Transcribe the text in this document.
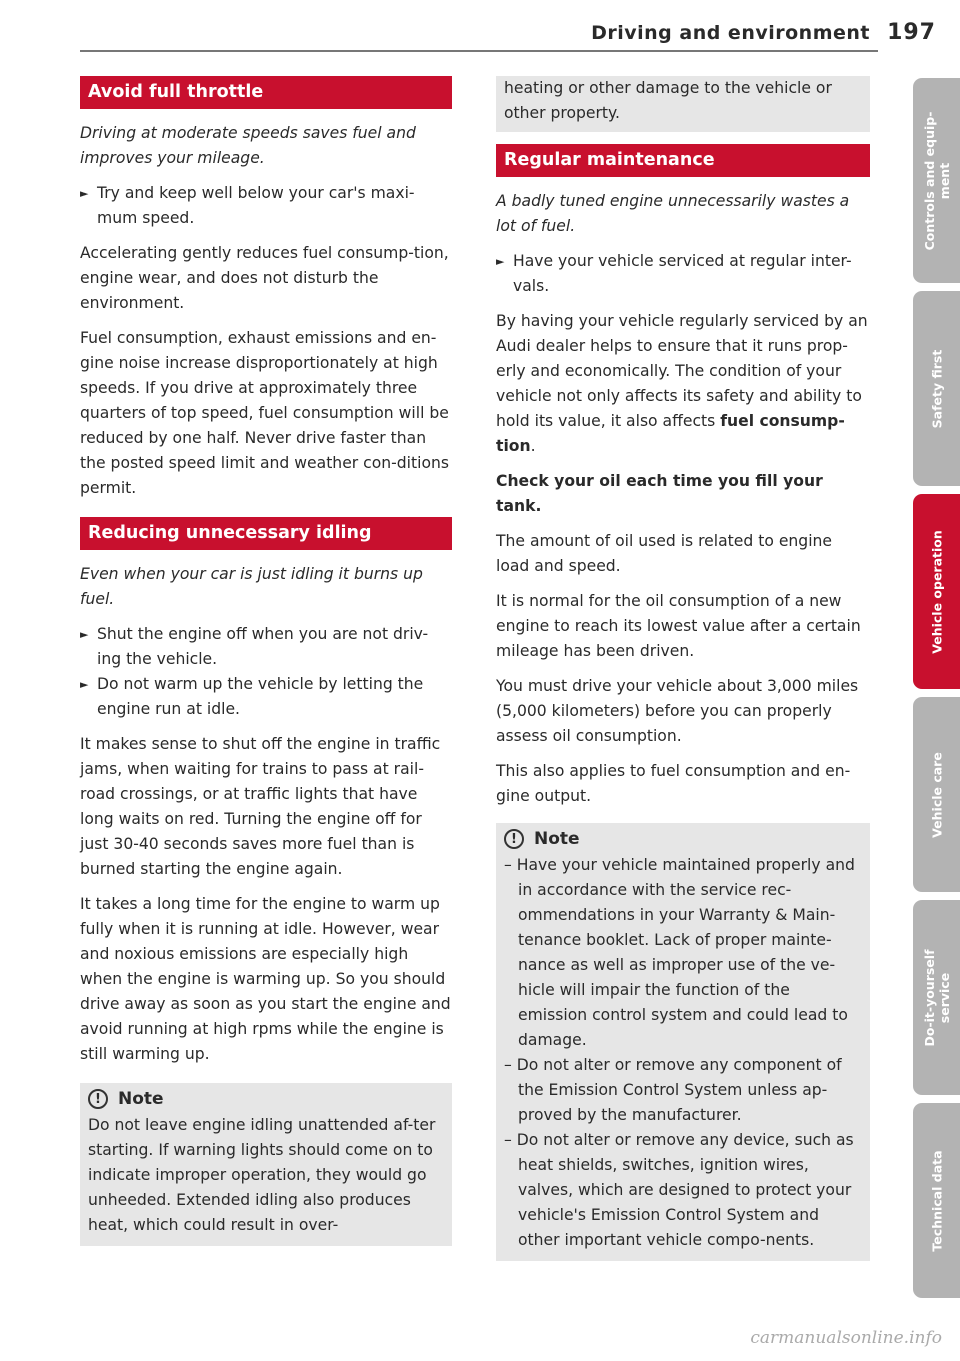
Driving and environment 197
Avoid full throttle

Driving at moderate speeds saves fuel and improves your mileage.

► Try and keep well below your car's maxi-mum speed.

Accelerating gently reduces fuel consump-tion, engine wear, and does not disturb the environment.

Fuel consumption, exhaust emissions and en-gine noise increase disproportionately at high speeds. If you drive at approximately three quarters of top speed, fuel consumption will be reduced by one half. Never drive faster than the posted speed limit and weather con-ditions permit.

Reducing unnecessary idling

Even when your car is just idling it burns up fuel.

► Shut the engine off when you are not driv-ing the vehicle.
► Do not warm up the vehicle by letting the engine run at idle.

It makes sense to shut off the engine in traffic jams, when waiting for trains to pass at rail-road crossings, or at traffic lights that have long waits on red. Turning the engine off for just 30-40 seconds saves more fuel than is burned starting the engine again.

It takes a long time for the engine to warm up fully when it is running at idle. However, wear and noxious emissions are especially high when the engine is warming up. So you should drive away as soon as you start the engine and avoid running at high rpms while the engine is still warming up.

!	Note
Do not leave engine idling unattended af-ter starting. If warning lights should come on to indicate improper operation, they would go unheeded. Extended idling also produces heat, which could result in over-
heating or other damage to the vehicle or other property.
Regular maintenance

A badly tuned engine unnecessarily wastes a lot of fuel.

► Have your vehicle serviced at regular inter-vals.

By having your vehicle regularly serviced by an Audi dealer helps to ensure that it runs prop-erly and economically. The condition of your vehicle not only affects its safety and ability to hold its value, it also affects fuel consump-tion.

Check your oil each time you fill your tank.

The amount of oil used is related to engine load and speed.

It is normal for the oil consumption of a new engine to reach its lowest value after a certain mileage has been driven.

You must drive your vehicle about 3,000 miles (5,000 kilometers) before you can properly assess oil consumption.

This also applies to fuel consumption and en-gine output.

!	Note
– Have your vehicle maintained properly and in accordance with the service rec-ommendations in your Warranty & Main-tenance booklet. Lack of proper mainte-nance as well as improper use of the ve-hicle will impair the function of the emission control system and could lead to damage.
– Do not alter or remove any component of the Emission Control System unless ap-proved by the manufacturer.
– Do not alter or remove any device, such as heat shields, switches, ignition wires, valves, which are designed to protect your vehicle's Emission Control System and other important vehicle compo-nents.
Controls and equip-
ment
Safety first
Vehicle operation
Vehicle care
Do-it-yourself
service
Technical data
carmanualsonline.info
